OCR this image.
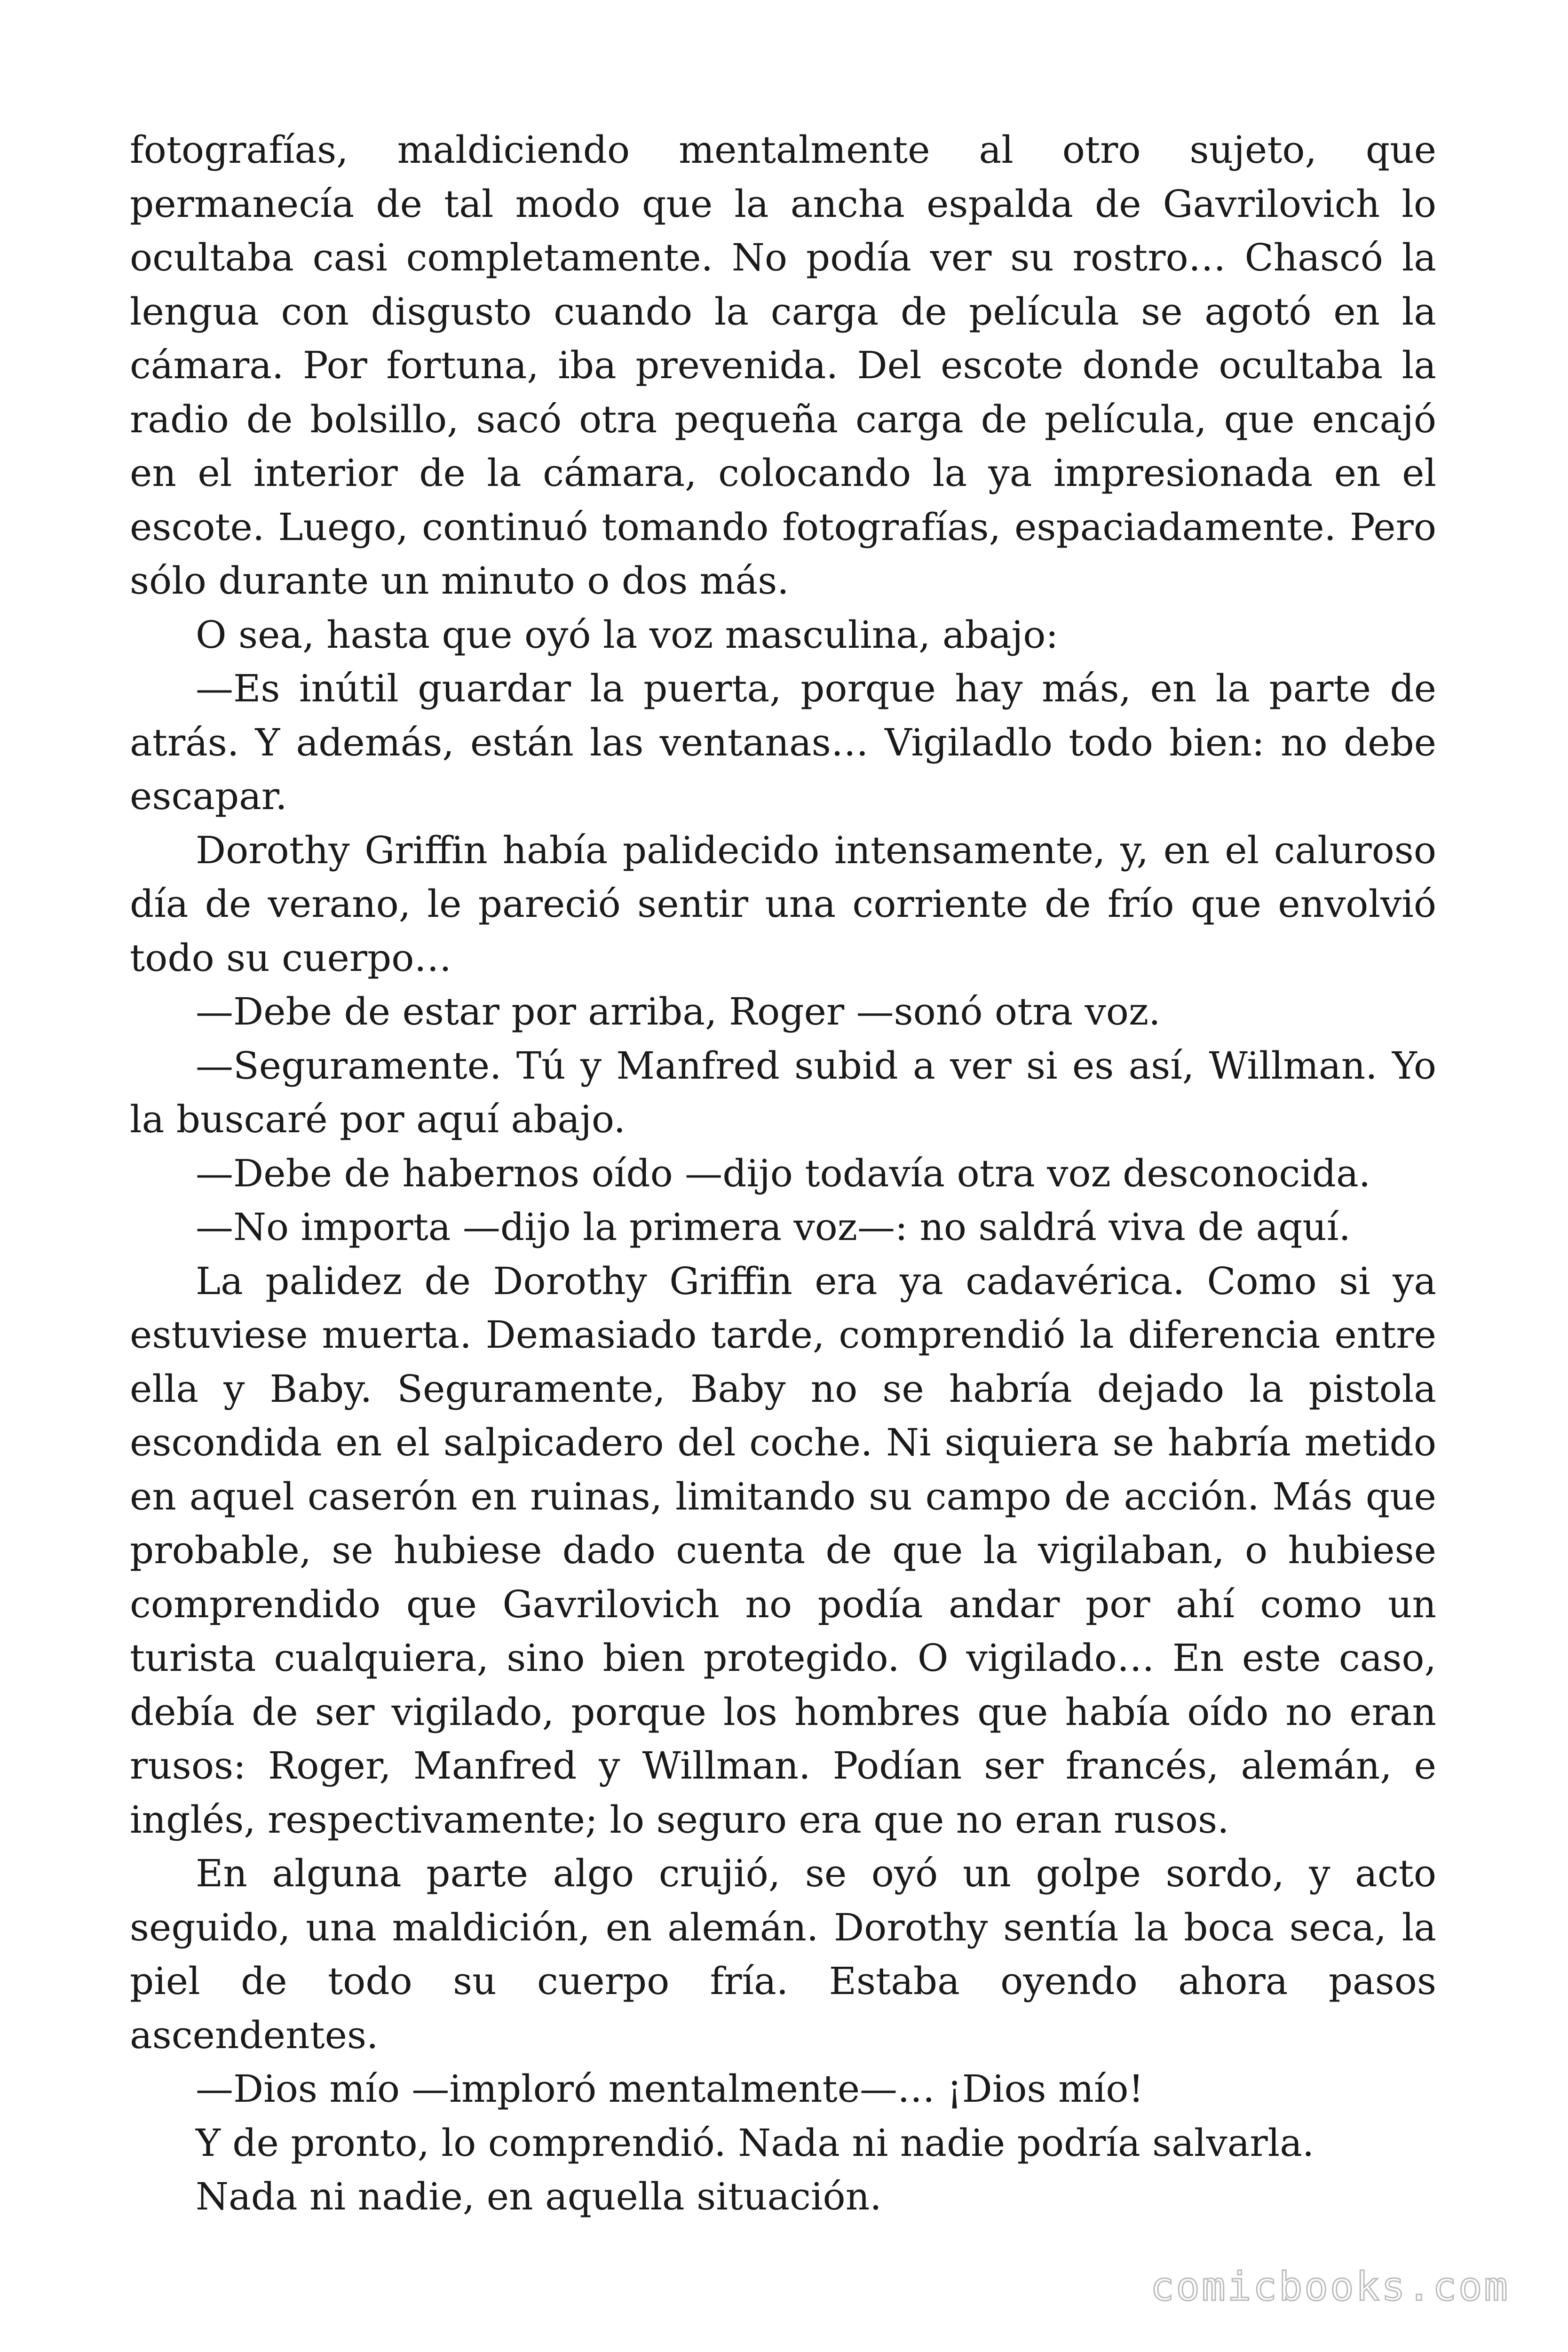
fotografías, maldiciendo mentalmente al otro sujeto, que permanecía de tal modo que la ancha espalda de Gavrilovich lo ocultaba casi completamente. No podía ver su rostro… Chascó la lengua con disgusto cuando la carga de película se agotó en la cámara. Por fortuna, iba prevenida. Del escote donde ocultaba la radio de bolsillo, sacó otra pequeña carga de película, que encajó en el interior de la cámara, colocando la ya impresionada en el escote. Luego, continuó tomando fotografías, espaciadamente. Pero sólo durante un minuto o dos más.

O sea, hasta que oyó la voz masculina, abajo:

—Es inútil guardar la puerta, porque hay más, en la parte de atrás. Y además, están las ventanas… Vigiladlo todo bien: no debe escapar.

Dorothy Griffin había palidecido intensamente, y, en el caluroso día de verano, le pareció sentir una corriente de frío que envolvió todo su cuerpo…

—Debe de estar por arriba, Roger —sonó otra voz.

—Seguramente. Tú y Manfred subid a ver si es así, Willman. Yo la buscaré por aquí abajo.

—Debe de habernos oído —dijo todavía otra voz desconocida.

—No importa —dijo la primera voz—: no saldrá viva de aquí.

La palidez de Dorothy Griffin era ya cadavérica. Como si ya estuviese muerta. Demasiado tarde, comprendió la diferencia entre ella y Baby. Seguramente, Baby no se habría dejado la pistola escondida en el salpicadero del coche. Ni siquiera se habría metido en aquel caserón en ruinas, limitando su campo de acción. Más que probable, se hubiese dado cuenta de que la vigilaban, o hubiese comprendido que Gavrilovich no podía andar por ahí como un turista cualquiera, sino bien protegido. O vigilado… En este caso, debía de ser vigilado, porque los hombres que había oído no eran rusos: Roger, Manfred y Willman. Podían ser francés, alemán, e inglés, respectivamente; lo seguro era que no eran rusos.

En alguna parte algo crujió, se oyó un golpe sordo, y acto seguido, una maldición, en alemán. Dorothy sentía la boca seca, la piel de todo su cuerpo fría. Estaba oyendo ahora pasos ascendentes.

—Dios mío —imploró mentalmente—… ¡Dios mío!

Y de pronto, lo comprendió. Nada ni nadie podría salvarla.

Nada ni nadie, en aquella situación.

comicbooks.com
